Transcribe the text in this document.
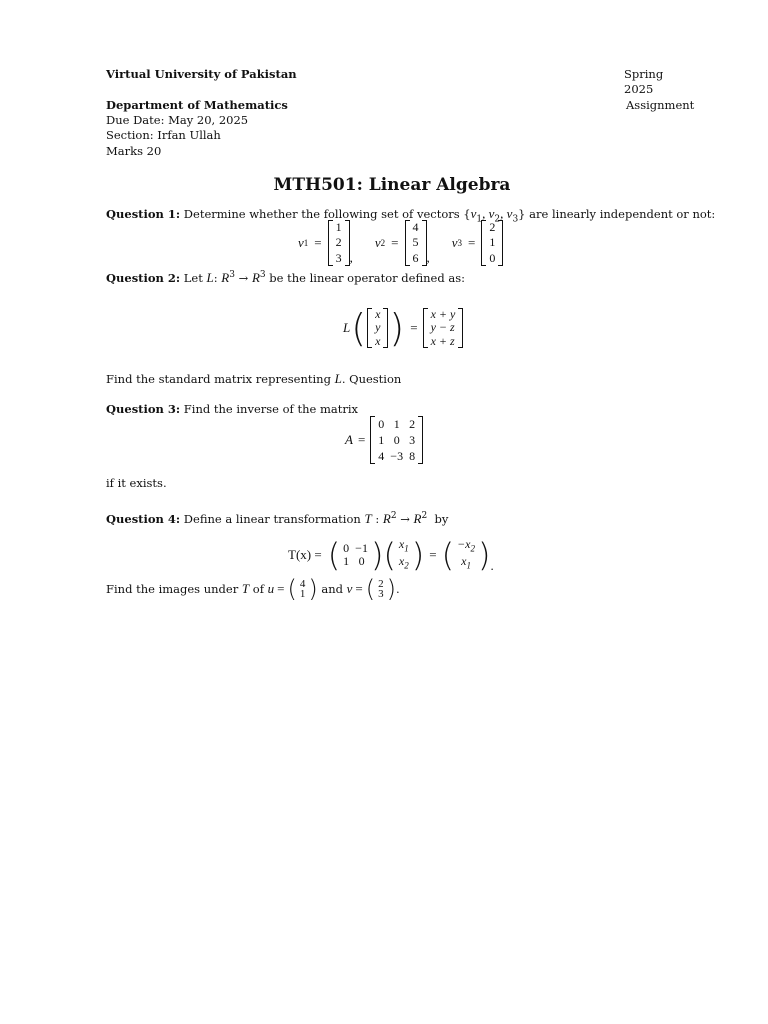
Virtual University of Pakistan	Spring
2025
Department of Mathematics	Assignment
Due Date: May 20, 2025
Section: Irfan Ullah
Marks 20
MTH501: Linear Algebra
Question 1: Determine whether the following set of vectors {$v_1$, $v_2$, $v_3$} are linearly independent or not:
v 1 =
1
2
3 ,
v 2 =
4
5
6 ,
v 3 =
2
1
0
Question 2: Let L: $R^3 \to R^3$ be the linear operator defined as:
L ( x
y
x ) =
x + y
y − z
x + z
Find the standard matrix representing L. Question
Question 3: Find the inverse of the matrix
A =
0	1	2
1	0	3
4	−3	8
if it exists.
Question 4: Define a linear transformation T : $R^2 \to R^2$ by
T(x) = ( 0	−1
1	0 ) ( $x_1$
$x_2$ ) = ( $-x_2$
$x_1$ ) .
Find the images under
T
of
u = ( 4
1 )
and
v = ( 2
3 ) .
